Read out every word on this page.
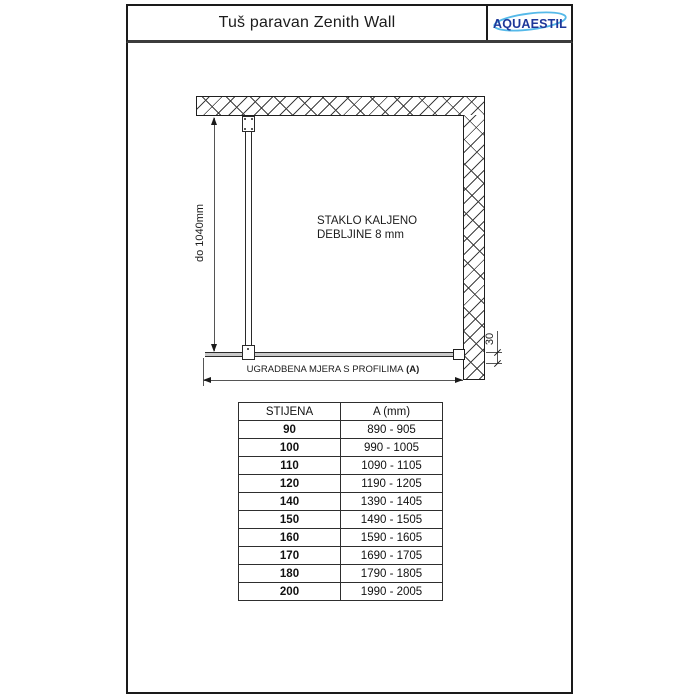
Tuš paravan Zenith Wall	AQUAESTIL
STAKLO KALJENO
DEBLJINE 8 mm
do 1040mm
UGRADBENA MJERA S PROFILIMA (A)
30
STIJENA	A (mm)
90	890 - 905
100	990 - 1005
110	1090 - 1105
120	1190 - 1205
140	1390 - 1405
150	1490 - 1505
160	1590 - 1605
170	1690 - 1705
180	1790 - 1805
200	1990 - 2005
